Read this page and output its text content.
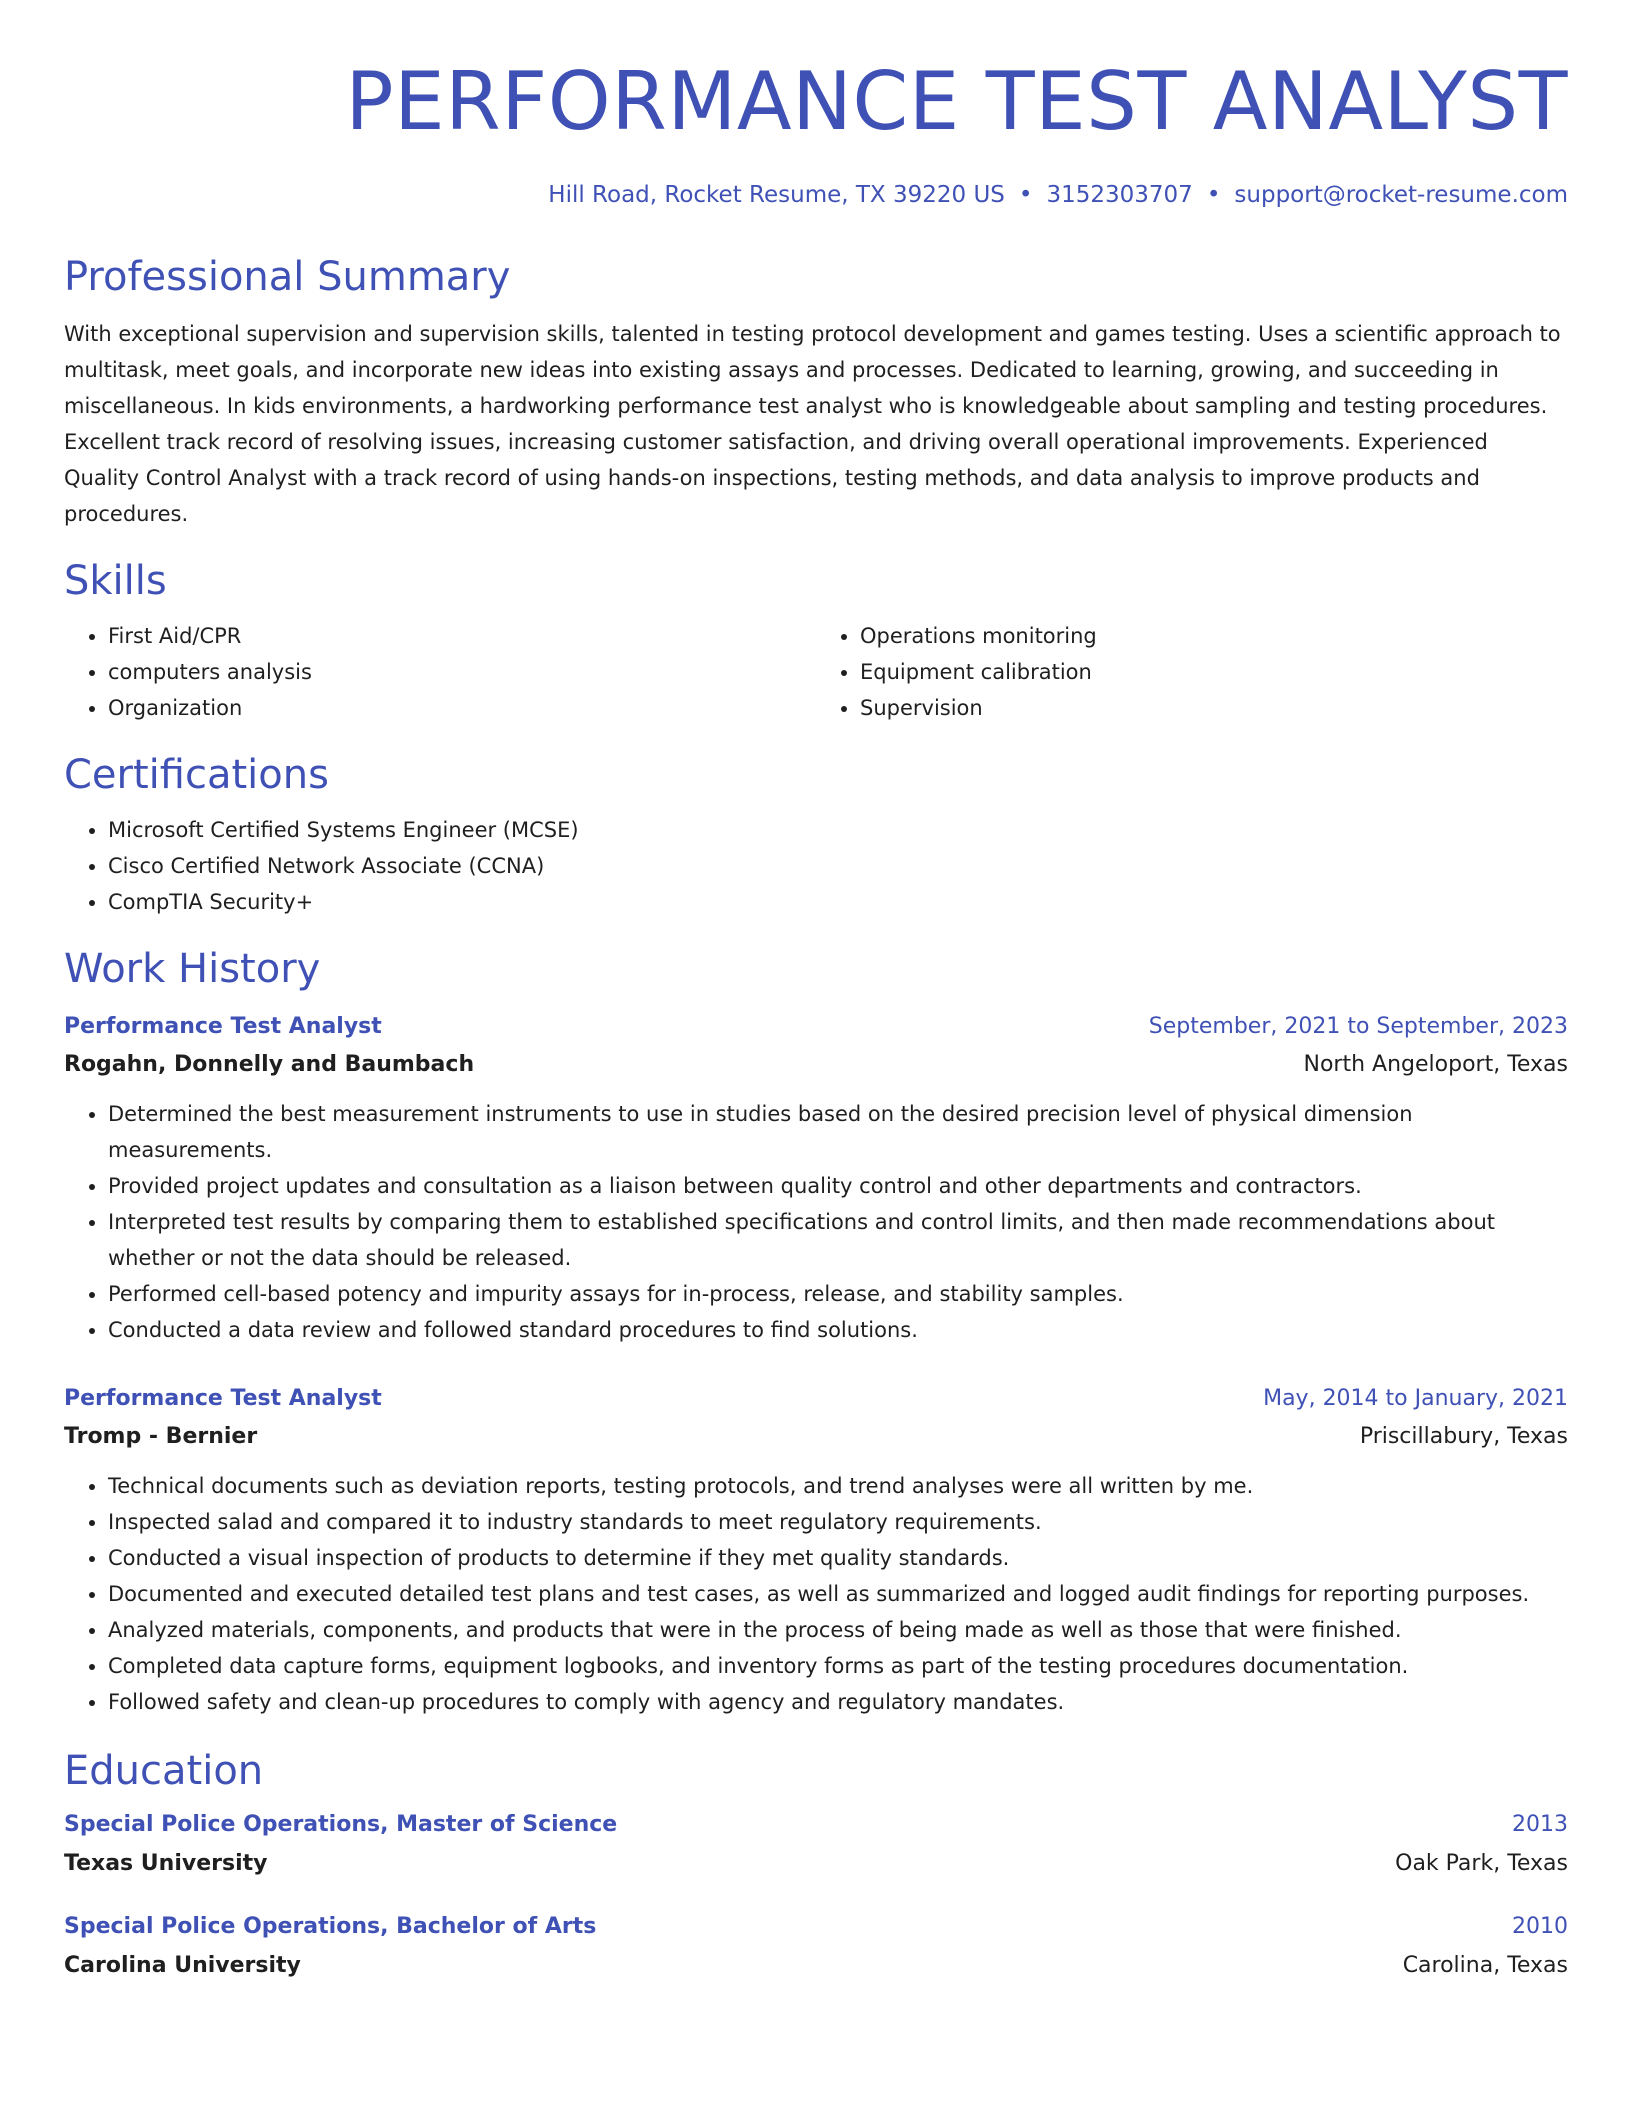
PERFORMANCE TEST ANALYST
Hill Road, Rocket Resume, TX 39220 US • 3152303707 • support@rocket-resume.com
Professional Summary

With exceptional supervision and supervision skills, talented in testing protocol development and games testing. Uses a scientific approach to multitask, meet goals, and incorporate new ideas into existing assays and processes. Dedicated to learning, growing, and succeeding in miscellaneous. In kids environments, a hardworking performance test analyst who is knowledgeable about sampling and testing procedures. Excellent track record of resolving issues, increasing customer satisfaction, and driving overall operational improvements. Experienced Quality Control Analyst with a track record of using hands-on inspections, testing methods, and data analysis to improve products and procedures.

Skills
• First Aid/CPR
• computers analysis
• Organization
• Operations monitoring
• Equipment calibration
• Supervision
Certifications
• Microsoft Certified Systems Engineer (MCSE)
• Cisco Certified Network Associate (CCNA)
• CompTIA Security+
Work History
Performance Test Analyst	September, 2021 to September, 2023
Rogahn, Donnelly and Baumbach	North Angeloport, Texas
• Determined the best measurement instruments to use in studies based on the desired precision level of physical dimension measurements.
• Provided project updates and consultation as a liaison between quality control and other departments and contractors.
• Interpreted test results by comparing them to established specifications and control limits, and then made recommendations about whether or not the data should be released.
• Performed cell-based potency and impurity assays for in-process, release, and stability samples.
• Conducted a data review and followed standard procedures to find solutions.
Performance Test Analyst	May, 2014 to January, 2021
Tromp - Bernier	Priscillabury, Texas
• Technical documents such as deviation reports, testing protocols, and trend analyses were all written by me.
• Inspected salad and compared it to industry standards to meet regulatory requirements.
• Conducted a visual inspection of products to determine if they met quality standards.
• Documented and executed detailed test plans and test cases, as well as summarized and logged audit findings for reporting purposes.
• Analyzed materials, components, and products that were in the process of being made as well as those that were finished.
• Completed data capture forms, equipment logbooks, and inventory forms as part of the testing procedures documentation.
• Followed safety and clean-up procedures to comply with agency and regulatory mandates.
Education
Special Police Operations, Master of Science	2013
Texas University	Oak Park, Texas
Special Police Operations, Bachelor of Arts	2010
Carolina University	Carolina, Texas
